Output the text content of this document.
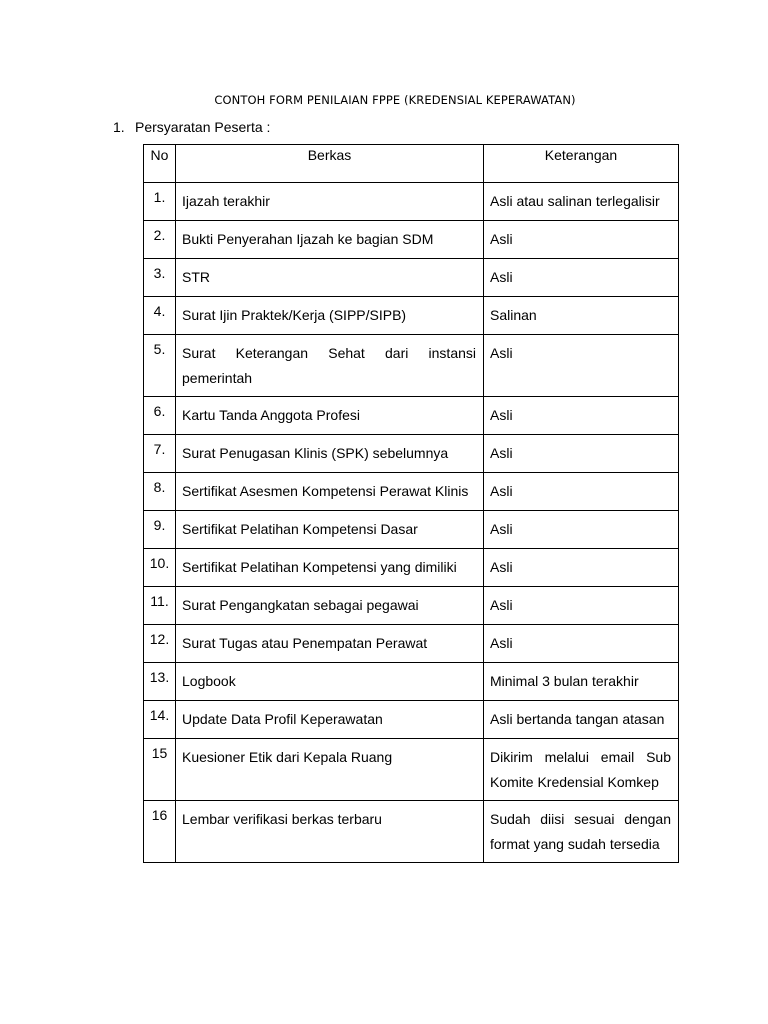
CONTOH FORM PENILAIAN FPPE (KREDENSIAL KEPERAWATAN)
1. Persyaratan Peserta :
No	Berkas	Keterangan
1.	Ijazah terakhir	Asli atau salinan terlegalisir
2.	Bukti Penyerahan Ijazah ke bagian SDM	Asli
3.	STR	Asli
4.	Surat Ijin Praktek/Kerja (SIPP/SIPB)	Salinan
5.	Surat Keterangan Sehat dari instansi pemerintah	Asli
6.	Kartu Tanda Anggota Profesi	Asli
7.	Surat Penugasan Klinis (SPK) sebelumnya	Asli
8.	Sertifikat Asesmen Kompetensi Perawat Klinis	Asli
9.	Sertifikat Pelatihan Kompetensi Dasar	Asli
10.	Sertifikat Pelatihan Kompetensi yang dimiliki	Asli
11.	Surat Pengangkatan sebagai pegawai	Asli
12.	Surat Tugas atau Penempatan Perawat	Asli
13.	Logbook	Minimal 3 bulan terakhir
14.	Update Data Profil Keperawatan	Asli bertanda tangan atasan
15	Kuesioner Etik dari Kepala Ruang	Dikirim melalui email Sub Komite Kredensial Komkep
16	Lembar verifikasi berkas terbaru	Sudah diisi sesuai dengan format yang sudah tersedia
